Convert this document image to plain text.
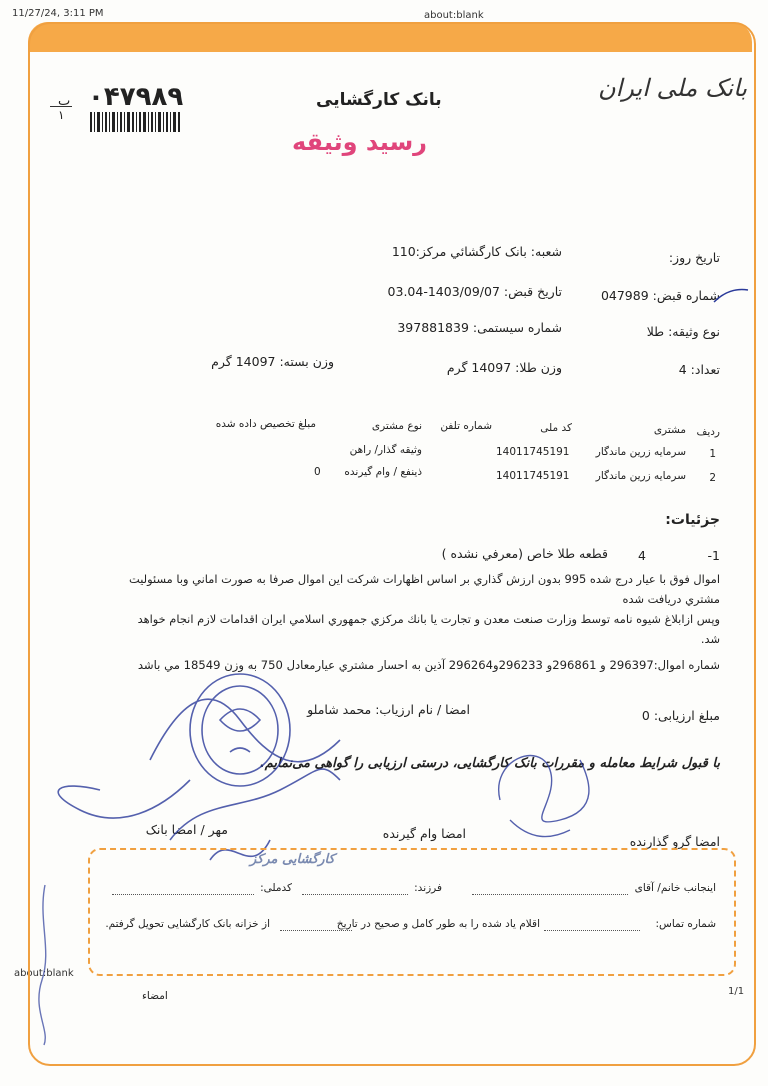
11/27/24, 3:11 PM	about:blank
about:blank
1/1
بانک ملی ایران
بانک کارگشایی
رسید وثیقه
۰۴۷۹۸۹
ب
۱
تاریخ روز:
شعبه: بانک کارگشائي مركز:110
شماره قبض: 047989
تاریخ قبض: 1403/09/07-03.04
نوع وثيقه: طلا
شماره سیستمی: 397881839
تعداد: 4
وزن طلا: 14097 گرم
وزن بسته: 14097 گرم
ردیف
مشتری
کد ملی
شماره تلفن
نوع مشتری
مبلغ تخصیص داده شده
1
سرمایه زرین ماندگار
14011745191
وثیقه گذار/ راهن
2
سرمایه زرین ماندگار
14011745191
ذينفع / وام گيرنده
0
جزئیات:
1-
4
قطعه طلا خاص (معرفي نشده )
اموال فوق با عيار درج شده 995 بدون ارزش گذاري بر اساس اظهارات شركت اين اموال صرفا به صورت اماني وبا مسئوليت
مشتري دريافت شده
وپس ازابلاغ شيوه نامه توسط وزارت صنعت معدن و تجارت يا بانك مركزي جمهوري اسلامي ايران اقدامات لازم انجام خواهد
شد.
شماره اموال:296397 و 296861و 296233و296264 آذين به احسار مشتري عيارمعادل 750 به وزن 18549 مي باشد
مبلغ ارزیابی: 0
امضا / نام ارزیاب: محمد شاملو
با قبول شرایط معامله و مقررات بانک کارگشایی، درستی ارزیابی را گواهی می‌نمایم.
امضا گرو گذارنده
امضا وام گیرنده
مهر / امضا بانک
کارگشایی مرکز
اینجانب خانم/ آقای
فرزند:
کدملی:
شماره تماس:
اقلام یاد شده را به طور کامل و صحیح در تاریخ
از خزانه بانک کارگشایی تحویل گرفتم.
امضاء
